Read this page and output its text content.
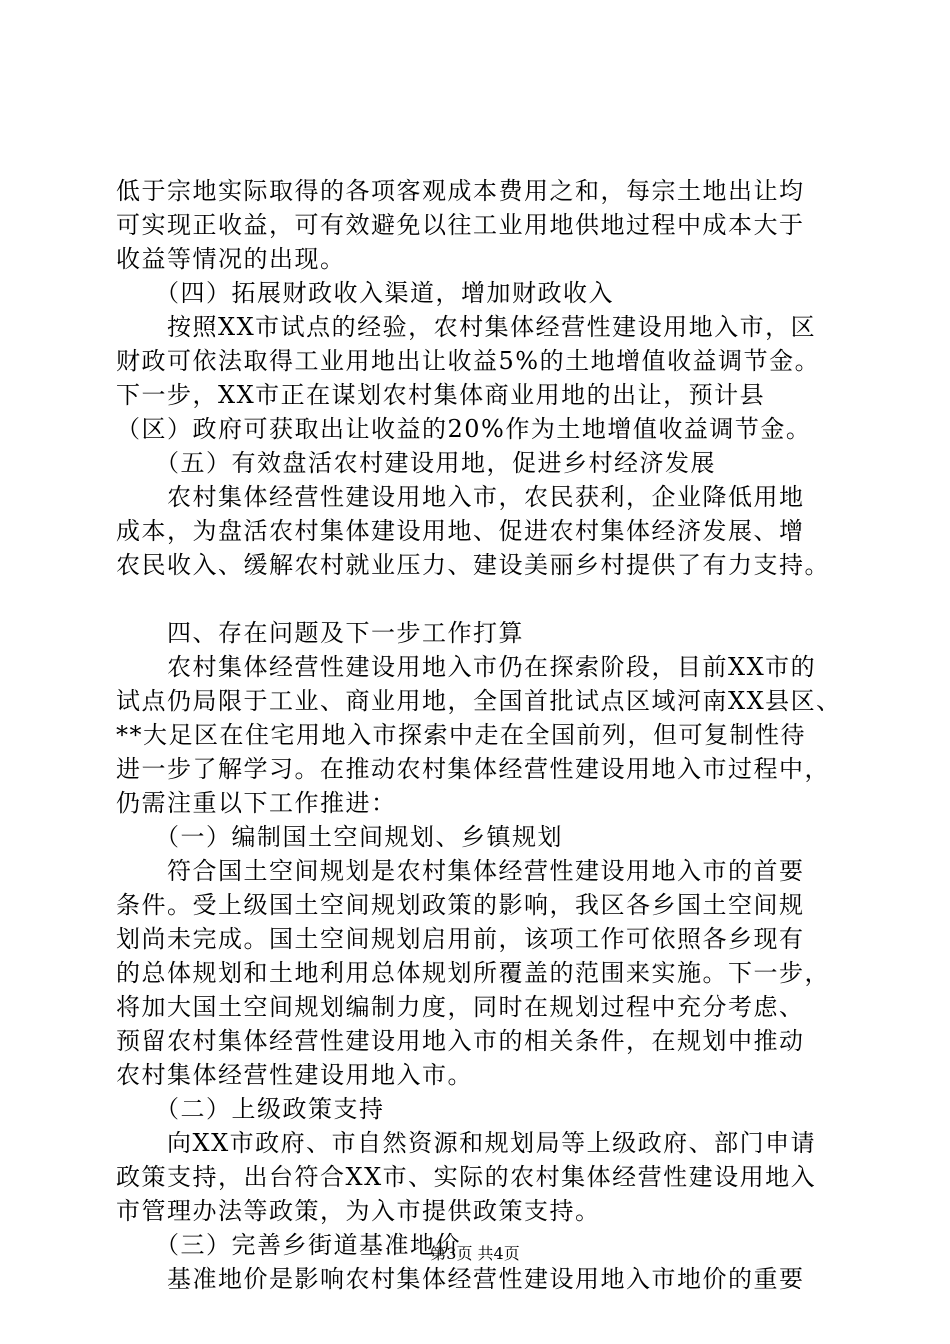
低于宗地实际取得的各项客观成本费用之和，每宗土地出让均
可实现正收益，可有效避免以往工业用地供地过程中成本大于
收益等情况的出现。
　　（四）拓展财政收入渠道，增加财政收入
　　按照XX市试点的经验，农村集体经营性建设用地入市，区
财政可依法取得工业用地出让收益5%的土地增值收益调节金。
下一步，XX市正在谋划农村集体商业用地的出让，预计县
（区）政府可获取出让收益的20%作为土地增值收益调节金。
　　（五）有效盘活农村建设用地，促进乡村经济发展
　　农村集体经营性建设用地入市，农民获利，企业降低用地
成本，为盘活农村集体建设用地、促进农村集体经济发展、增
农民收入、缓解农村就业压力、建设美丽乡村提供了有力支持。
　　四、存在问题及下一步工作打算
　　农村集体经营性建设用地入市仍在探索阶段，目前XX市的
试点仍局限于工业、商业用地，全国首批试点区域河南XX县区、
**大足区在住宅用地入市探索中走在全国前列，但可复制性待
进一步了解学习。在推动农村集体经营性建设用地入市过程中，
仍需注重以下工作推进：
　　（一）编制国土空间规划、乡镇规划
　　符合国土空间规划是农村集体经营性建设用地入市的首要
条件。受上级国土空间规划政策的影响，我区各乡国土空间规
划尚未完成。国土空间规划启用前，该项工作可依照各乡现有
的总体规划和土地利用总体规划所覆盖的范围来实施。下一步，
将加大国土空间规划编制力度，同时在规划过程中充分考虑、
预留农村集体经营性建设用地入市的相关条件，在规划中推动
农村集体经营性建设用地入市。
　　（二）上级政策支持
　　向XX市政府、市自然资源和规划局等上级政府、部门申请
政策支持，出台符合XX市、实际的农村集体经营性建设用地入
市管理办法等政策，为入市提供政策支持。
　　（三）完善乡街道基准地价
　　基准地价是影响农村集体经营性建设用地入市地价的重要
第3页 共4页
